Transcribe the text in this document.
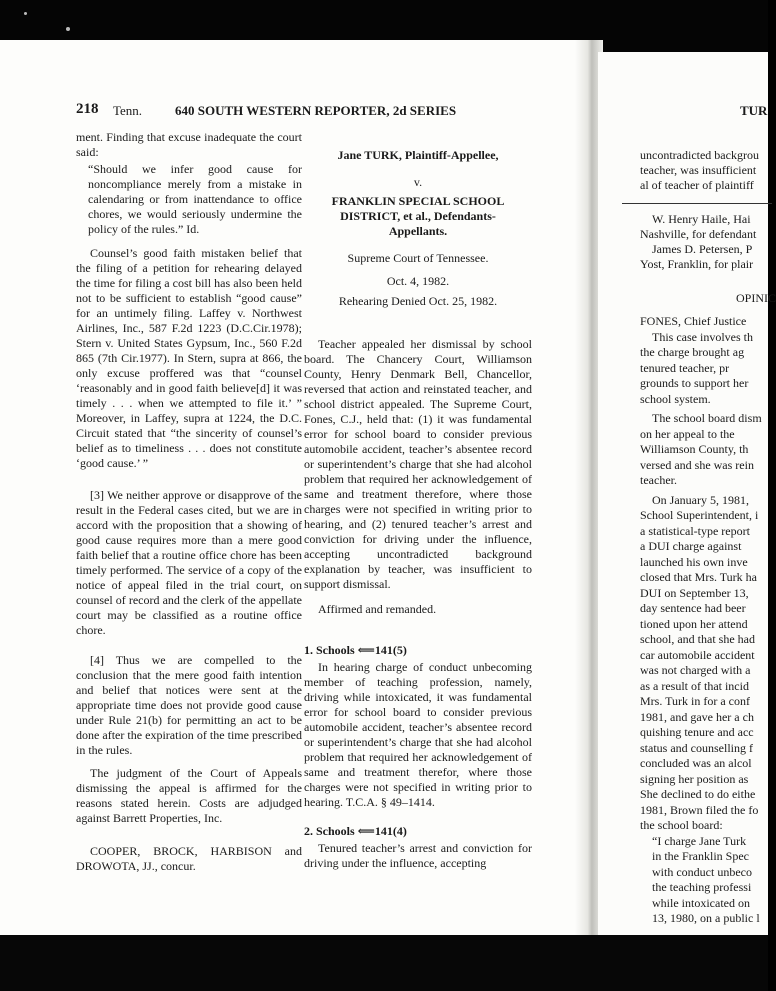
218 Tenn.	640 SOUTH WESTERN REPORTER, 2d SERIES	TUR

ment. Finding that excuse inadequate the court said:

“Should we infer good cause for noncompliance merely from a mistake in calendaring or from inattendance to office chores, we would seriously undermine the policy of the rules.” Id.

Counsel’s good faith mistaken belief that the filing of a petition for rehearing delayed the time for filing a cost bill has also been held not to be sufficient to establish “good cause” for an untimely filing. Laffey v. Northwest Airlines, Inc., 587 F.2d 1223 (D.C.Cir.1978); Stern v. United States Gypsum, Inc., 560 F.2d 865 (7th Cir.1977). In Stern, supra at 866, the only excuse proffered was that “counsel ‘reasonably and in good faith believe[d] it was timely . . . when we attempted to file it.’ ” Moreover, in Laffey, supra at 1224, the D.C. Circuit stated that “the sincerity of counsel’s belief as to timeliness . . . does not constitute ‘good cause.’ ”

[3] We neither approve or disapprove of the result in the Federal cases cited, but we are in accord with the proposition that a showing of good cause requires more than a mere good faith belief that a routine office chore has been timely performed. The service of a copy of the notice of appeal filed in the trial court, on counsel of record and the clerk of the appellate court may be classified as a routine office chore.

[4] Thus we are compelled to the conclusion that the mere good faith intention and belief that notices were sent at the appropriate time does not provide good cause under Rule 21(b) for permitting an act to be done after the expiration of the time prescribed in the rules.

The judgment of the Court of Appeals dismissing the appeal is affirmed for the reasons stated herein. Costs are adjudged against Barrett Properties, Inc.

COOPER, BROCK, HARBISON and DROWOTA, JJ., concur.

Jane TURK, Plaintiff-Appellee,

v.

FRANKLIN SPECIAL SCHOOL DISTRICT, et al., Defendants-Appellants.

Supreme Court of Tennessee.

Oct. 4, 1982.

Rehearing Denied Oct. 25, 1982.

Teacher appealed her dismissal by school board. The Chancery Court, Williamson County, Henry Denmark Bell, Chancellor, reversed that action and reinstated teacher, and school district appealed. The Supreme Court, Fones, C.J., held that: (1) it was fundamental error for school board to consider previous automobile accident, teacher’s absentee record or superintendent’s charge that she had alcohol problem that required her acknowledgement of same and treatment therefore, where those charges were not specified in writing prior to hearing, and (2) tenured teacher’s arrest and conviction for driving under the influence, accepting uncontradicted background explanation by teacher, was insufficient to support dismissal.

Affirmed and remanded.

1. Schools ⟸141(5)

In hearing charge of conduct unbecoming member of teaching profession, namely, driving while intoxicated, it was fundamental error for school board to consider previous automobile accident, teacher’s absentee record or superintendent’s charge that she had alcohol problem that required her acknowledgement of same and treatment therefor, where those charges were not specified in writing prior to hearing. T.C.A. § 49–1414.

2. Schools ⟸141(4)

Tenured teacher’s arrest and conviction for driving under the influence, accepting

uncontradicted backgrou
teacher, was insufficient
al of teacher of plaintiff
W. Henry Haile, Hai
Nashville, for defendant
James D. Petersen, P
Yost, Franklin, for plair
OPINIC
FONES, Chief Justice
This case involves th
the charge brought ag
tenured teacher, pr
grounds to support her
school system.
The school board dism
on her appeal to the
Williamson County, th
versed and she was rein
teacher.
On January 5, 1981,
School Superintendent, i
a statistical-type report
a DUI charge against
launched his own inve
closed that Mrs. Turk ha
DUI on September 13,
day sentence had beer
tioned upon her attend
school, and that she had
car automobile accident
was not charged with a
as a result of that incid
Mrs. Turk in for a conf
1981, and gave her a ch
quishing tenure and acc
status and counselling f
concluded was an alcol
signing her position as
She declined to do eithe
1981, Brown filed the fo
the school board:
“I charge Jane Turk
in the Franklin Spec
with conduct unbeco
the teaching professi
while intoxicated on
13, 1980, on a public l
